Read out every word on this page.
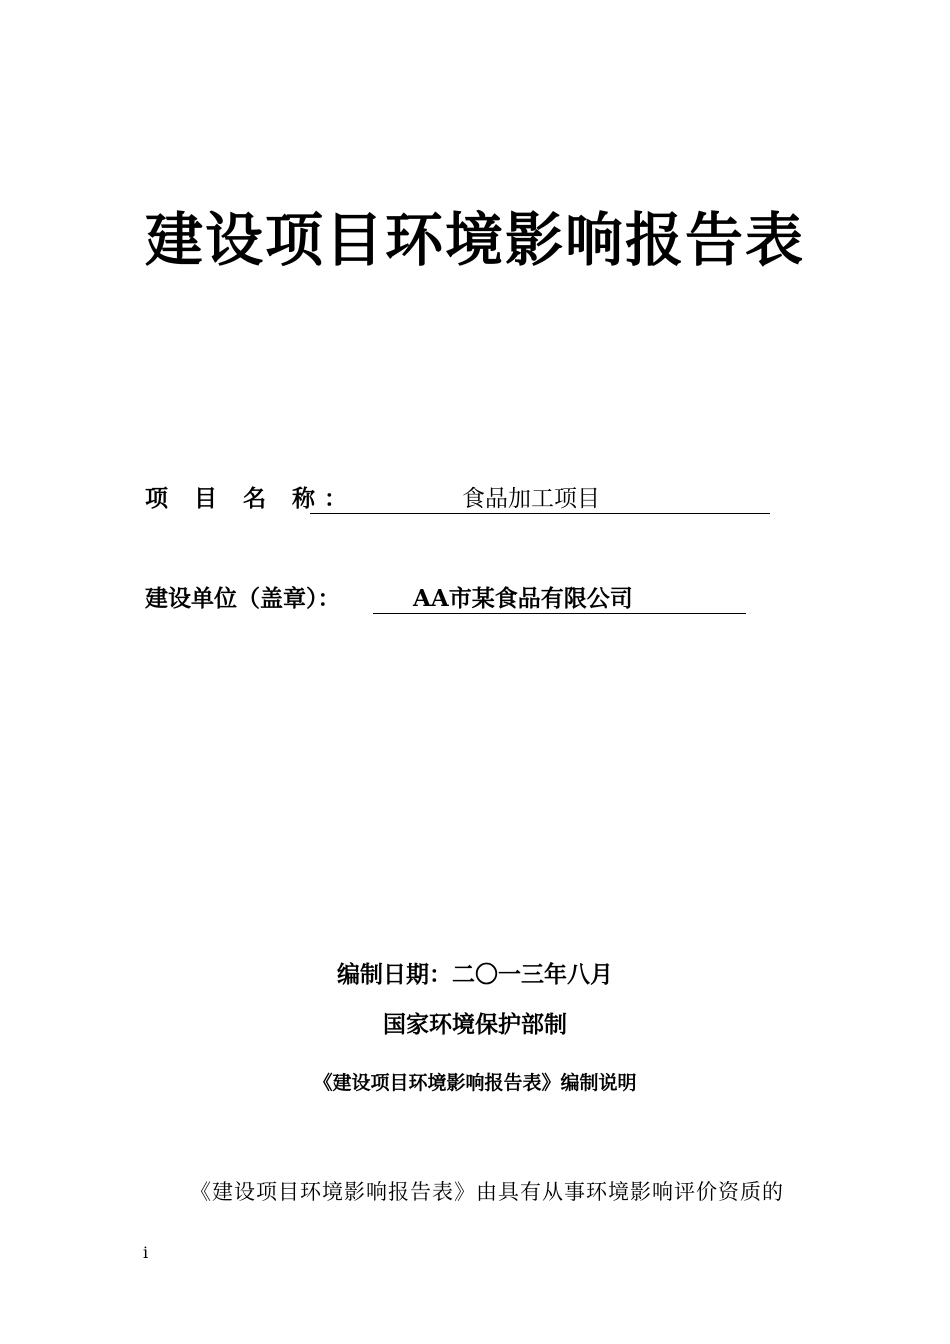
建设项目环境影响报告表
项 目 名 称：	食品加工项目
建设单位（盖章）：	AA市某食品有限公司
编制日期：二〇一三年八月
国家环境保护部制
《建设项目环境影响报告表》编制说明
《建设项目环境影响报告表》由具有从事环境影响评价资质的
i
